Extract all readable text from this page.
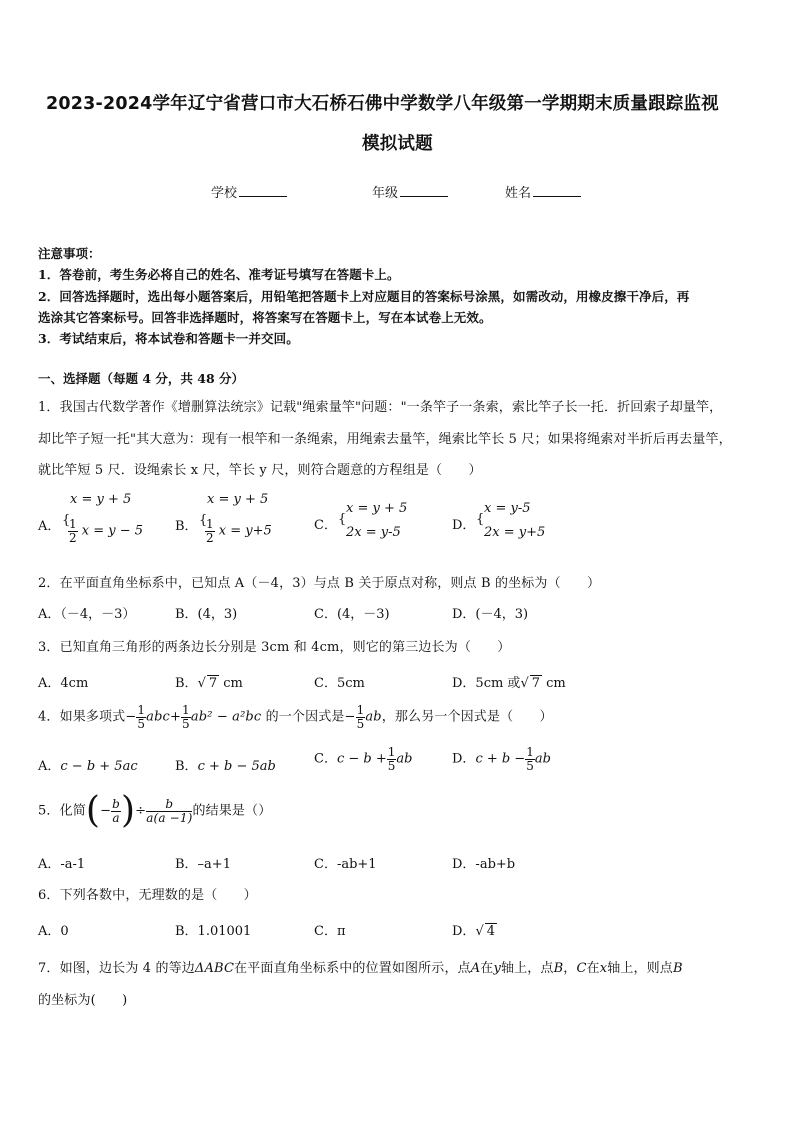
2023-2024学年辽宁省营口市大石桥石佛中学数学八年级第一学期期末质量跟踪监视
模拟试题
学校	年级	姓名
注意事项：
1．答卷前，考生务必将自己的姓名、准考证号填写在答题卡上。
2．回答选择题时，选出每小题答案后，用铅笔把答题卡上对应题目的答案标号涂黑，如需改动，用橡皮擦干净后，再
选涂其它答案标号。回答非选择题时，将答案写在答题卡上，写在本试卷上无效。
3．考试结束后，将本试卷和答题卡一并交回。
一、选择题（每题 4 分，共 48 分）
1．我国古代数学著作《增删算法统宗》记载"绳索量竿"问题："一条竿子一条索，索比竿子长一托．折回索子却量竿，
却比竿子短一托"其大意为：现有一根竿和一条绳索，用绳索去量竿，绳索比竿长 5 尺；如果将绳索对半折后再去量竿，
就比竿短 5 尺．设绳索长 x 尺，竿长 y 尺，则符合题意的方程组是（　　）
A． {
x = y + 5
$\frac{1}{2}$ x = y − 5 B． {
x = y + 5
$\frac{1}{2}$ x = y+5	C． {
x = y + 5
2x = y-5	D． {
x = y-5
2x = y+5
2．在平面直角坐标系中，已知点 A（－4，3）与点 B 关于原点对称，则点 B 的坐标为（　　）
A．（－4，－3）	B．(4，3)	C．(4，－3)	D．(－4，3)
3．已知直角三角形的两条边长分别是 3cm 和 4cm，则它的第三边长为（　　）
A．4cm	B．√ 7 cm	C．5cm	D．5cm 或√ 7 cm
4．如果多项式− $\frac{1}{5} abc+ \frac{1}{5} ab^2 - a^2bc$ 的一个因式是− $\frac{1}{5}$ ab，那么另一个因式是（　　）
A．c − b + 5ac	B．c + b − 5ab	C．$c - b + \frac{1}{5}$ ab	D．$c + b - \frac{1}{5}$ ab
5．化简(− $\frac{b}{a}$ )÷ $\frac{b}{a(a -1)}$ 的结果是（）
A．-a-1	B．–a+1	C．-ab+1	D．-ab+b
6．下列各数中，无理数的是（　　）
A．0	B．1.01001	C．π	D．√ 4
7．如图，边长为 4 的等边ΔABC在平面直角坐标系中的位置如图所示，点A在y轴上，点B，C在x轴上，则点B
的坐标为(　　)
